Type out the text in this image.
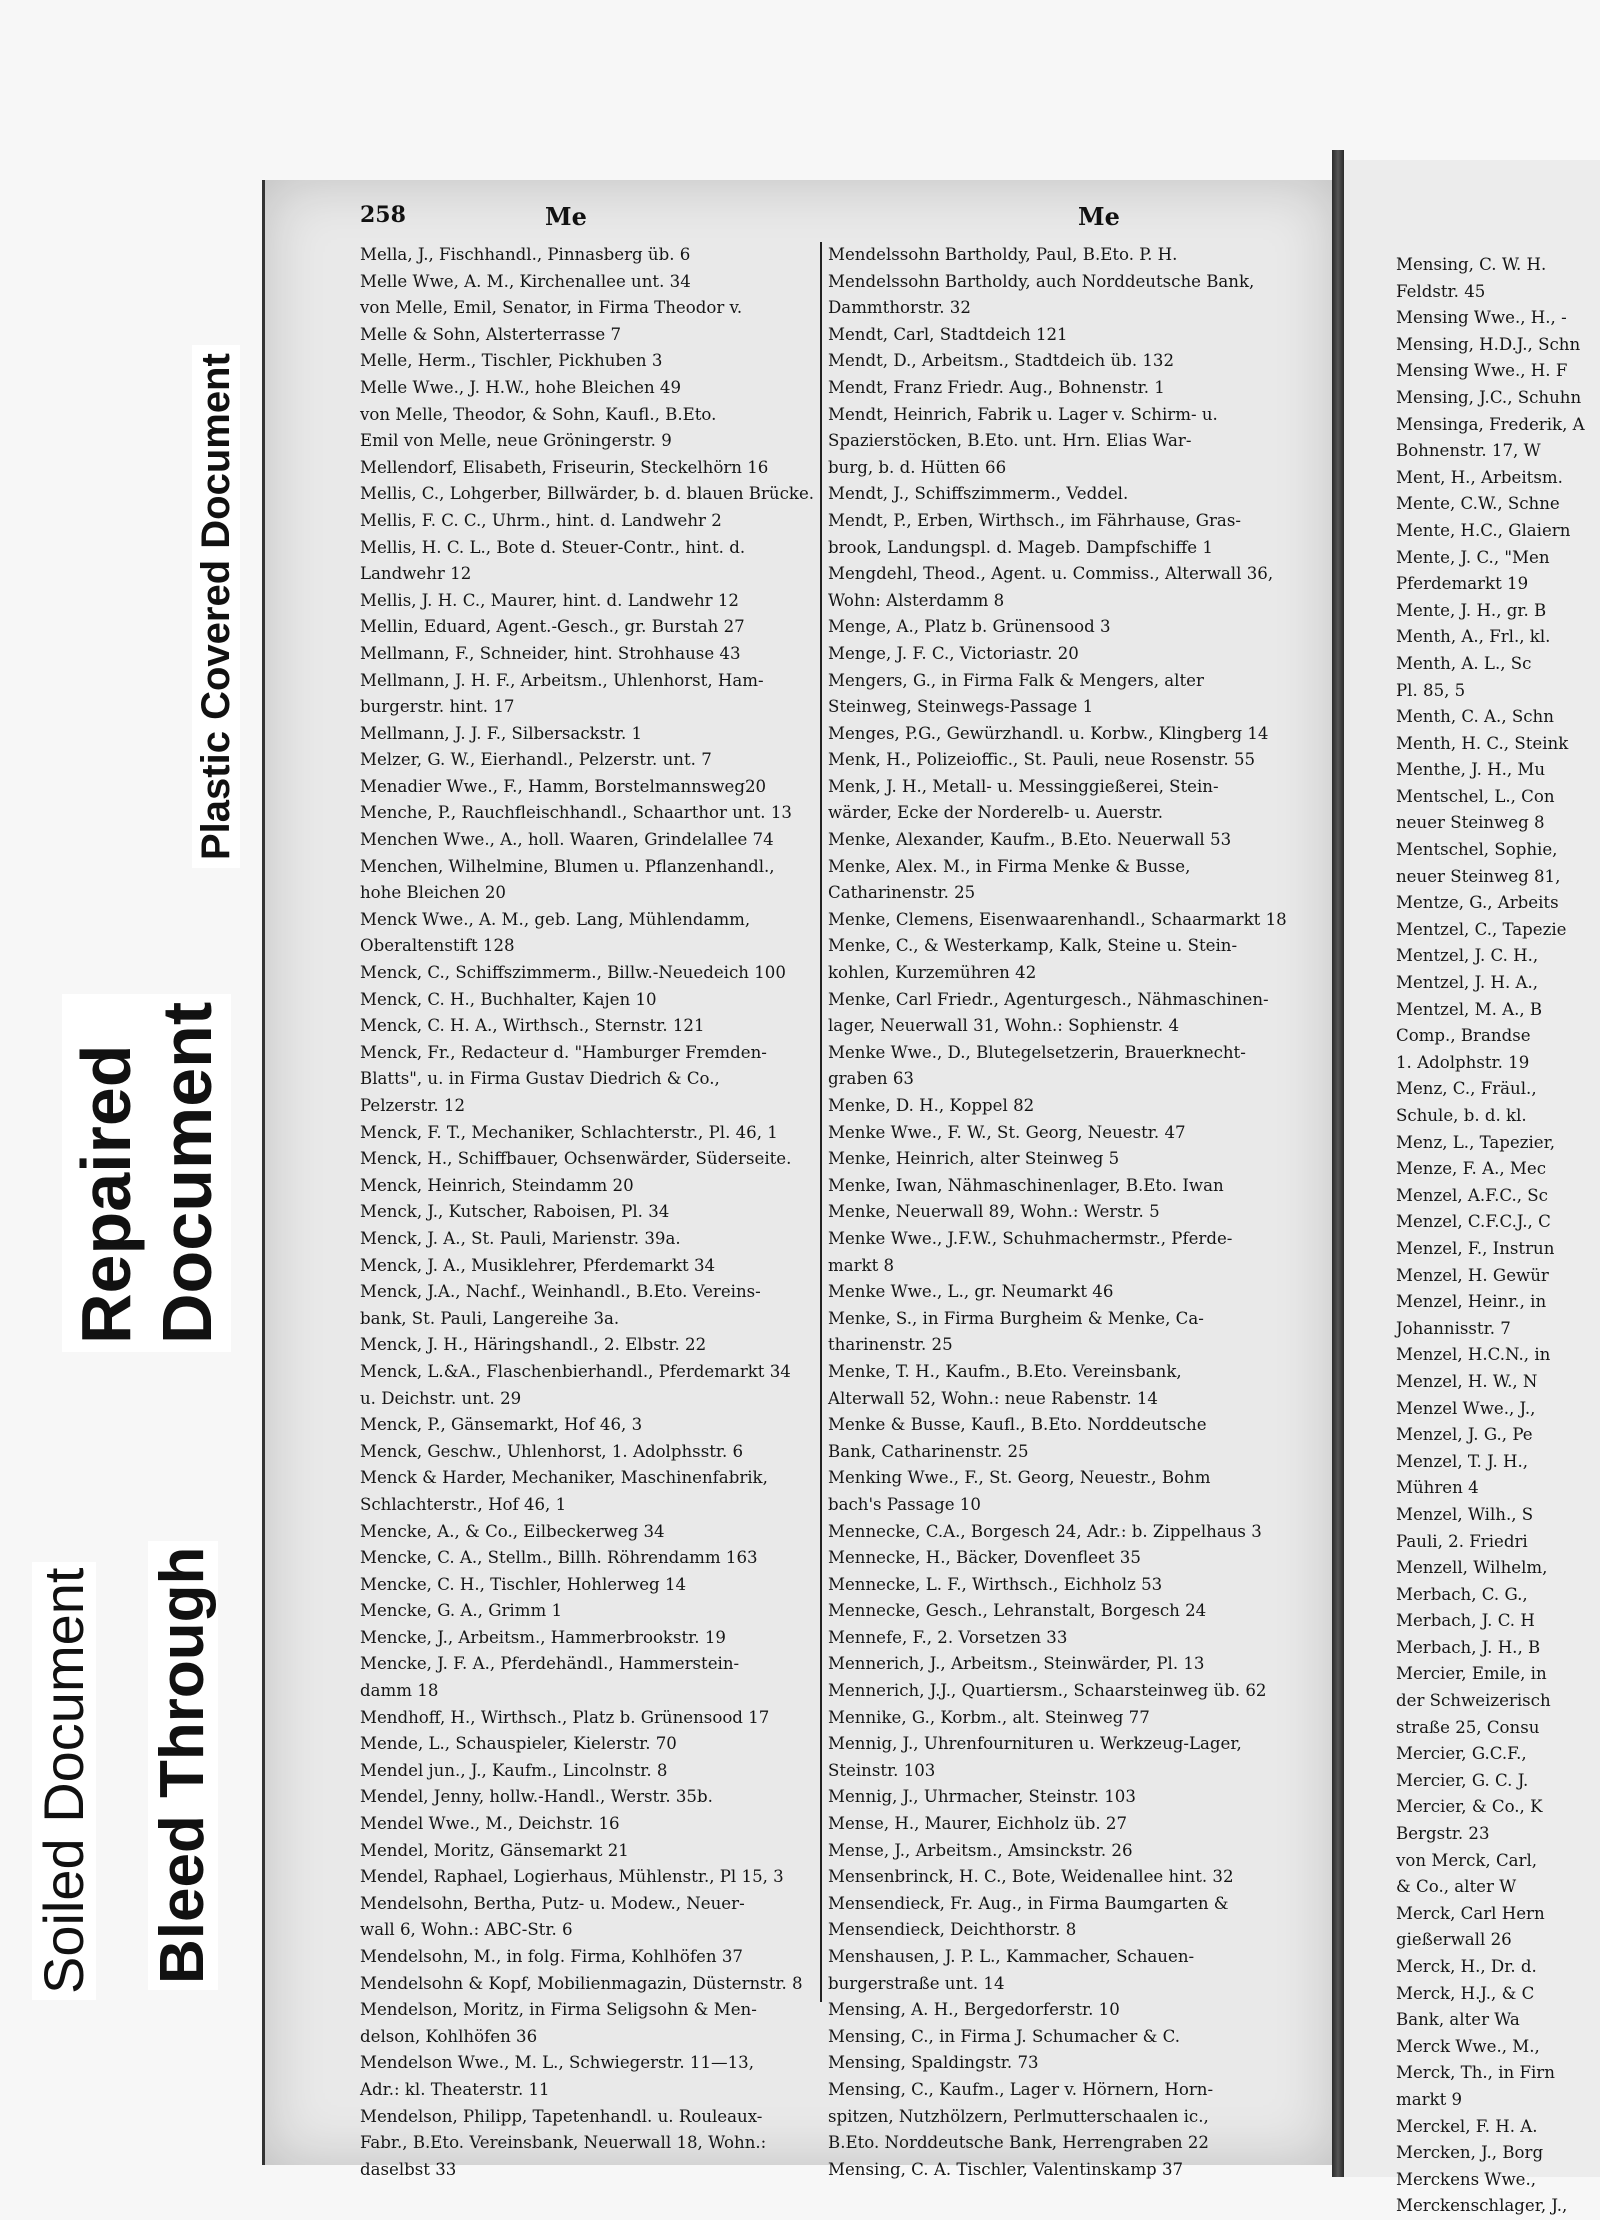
Plastic Covered Document
Repaired Document
Soiled Document Bleed Through
258	Me	Me
Mella, J., Fischhandl., Pinnasberg üb. 6
Melle Wwe, A. M., Kirchenallee unt. 34
von Melle, Emil, Senator, in Firma Theodor v.
Melle & Sohn, Alsterterrasse 7
Melle, Herm., Tischler, Pickhuben 3
Melle Wwe., J. H.W., hohe Bleichen 49
von Melle, Theodor, & Sohn, Kaufl., B.Eto.
Emil von Melle, neue Gröningerstr. 9
Mellendorf, Elisabeth, Friseurin, Steckelhörn 16
Mellis, C., Lohgerber, Billwärder, b. d. blauen Brücke.
Mellis, F. C. C., Uhrm., hint. d. Landwehr 2
Mellis, H. C. L., Bote d. Steuer-Contr., hint. d.
Landwehr 12
Mellis, J. H. C., Maurer, hint. d. Landwehr 12
Mellin, Eduard, Agent.-Gesch., gr. Burstah 27
Mellmann, F., Schneider, hint. Strohhause 43
Mellmann, J. H. F., Arbeitsm., Uhlenhorst, Ham-
burgerstr. hint. 17
Mellmann, J. J. F., Silbersackstr. 1
Melzer, G. W., Eierhandl., Pelzerstr. unt. 7
Menadier Wwe., F., Hamm, Borstelmannsweg20
Menche, P., Rauchfleischhandl., Schaarthor unt. 13
Menchen Wwe., A., holl. Waaren, Grindelallee 74
Menchen, Wilhelmine, Blumen u. Pflanzenhandl.,
hohe Bleichen 20
Menck Wwe., A. M., geb. Lang, Mühlendamm,
Oberaltenstift 128
Menck, C., Schiffszimmerm., Billw.-Neuedeich 100
Menck, C. H., Buchhalter, Kajen 10
Menck, C. H. A., Wirthsch., Sternstr. 121
Menck, Fr., Redacteur d. "Hamburger Fremden-
Blatts", u. in Firma Gustav Diedrich & Co.,
Pelzerstr. 12
Menck, F. T., Mechaniker, Schlachterstr., Pl. 46, 1
Menck, H., Schiffbauer, Ochsenwärder, Süderseite.
Menck, Heinrich, Steindamm 20
Menck, J., Kutscher, Raboisen, Pl. 34
Menck, J. A., St. Pauli, Marienstr. 39a.
Menck, J. A., Musiklehrer, Pferdemarkt 34
Menck, J.A., Nachf., Weinhandl., B.Eto. Vereins-
bank, St. Pauli, Langereihe 3a.
Menck, J. H., Häringshandl., 2. Elbstr. 22
Menck, L.&A., Flaschenbierhandl., Pferdemarkt 34
u. Deichstr. unt. 29
Menck, P., Gänsemarkt, Hof 46, 3
Menck, Geschw., Uhlenhorst, 1. Adolphsstr. 6
Menck & Harder, Mechaniker, Maschinenfabrik,
Schlachterstr., Hof 46, 1
Mencke, A., & Co., Eilbeckerweg 34
Mencke, C. A., Stellm., Billh. Röhrendamm 163
Mencke, C. H., Tischler, Hohlerweg 14
Mencke, G. A., Grimm 1
Mencke, J., Arbeitsm., Hammerbrookstr. 19
Mencke, J. F. A., Pferdehändl., Hammerstein-
damm 18
Mendhoff, H., Wirthsch., Platz b. Grünensood 17
Mende, L., Schauspieler, Kielerstr. 70
Mendel jun., J., Kaufm., Lincolnstr. 8
Mendel, Jenny, hollw.-Handl., Werstr. 35b.
Mendel Wwe., M., Deichstr. 16
Mendel, Moritz, Gänsemarkt 21
Mendel, Raphael, Logierhaus, Mühlenstr., Pl 15, 3
Mendelsohn, Bertha, Putz- u. Modew., Neuer-
wall 6, Wohn.: ABC-Str. 6
Mendelsohn, M., in folg. Firma, Kohlhöfen 37
Mendelsohn & Kopf, Mobilienmagazin, Düsternstr. 8
Mendelson, Moritz, in Firma Seligsohn & Men-
delson, Kohlhöfen 36
Mendelson Wwe., M. L., Schwiegerstr. 11—13,
Adr.: kl. Theaterstr. 11
Mendelson, Philipp, Tapetenhandl. u. Rouleaux-
Fabr., B.Eto. Vereinsbank, Neuerwall 18, Wohn.:
daselbst 33
Mendelssohn Bartholdy, Paul, B.Eto. P. H.
Mendelssohn Bartholdy, auch Norddeutsche Bank,
Dammthorstr. 32
Mendt, Carl, Stadtdeich 121
Mendt, D., Arbeitsm., Stadtdeich üb. 132
Mendt, Franz Friedr. Aug., Bohnenstr. 1
Mendt, Heinrich, Fabrik u. Lager v. Schirm- u.
Spazierstöcken, B.Eto. unt. Hrn. Elias War-
burg, b. d. Hütten 66
Mendt, J., Schiffszimmerm., Veddel.
Mendt, P., Erben, Wirthsch., im Fährhause, Gras-
brook, Landungspl. d. Mageb. Dampfschiffe 1
Mengdehl, Theod., Agent. u. Commiss., Alterwall 36,
Wohn: Alsterdamm 8
Menge, A., Platz b. Grünensood 3
Menge, J. F. C., Victoriastr. 20
Mengers, G., in Firma Falk & Mengers, alter
Steinweg, Steinwegs-Passage 1
Menges, P.G., Gewürzhandl. u. Korbw., Klingberg 14
Menk, H., Polizeioffic., St. Pauli, neue Rosenstr. 55
Menk, J. H., Metall- u. Messinggießerei, Stein-
wärder, Ecke der Norderelb- u. Auerstr.
Menke, Alexander, Kaufm., B.Eto. Neuerwall 53
Menke, Alex. M., in Firma Menke & Busse,
Catharinenstr. 25
Menke, Clemens, Eisenwaarenhandl., Schaarmarkt 18
Menke, C., & Westerkamp, Kalk, Steine u. Stein-
kohlen, Kurzemühren 42
Menke, Carl Friedr., Agenturgesch., Nähmaschinen-
lager, Neuerwall 31, Wohn.: Sophienstr. 4
Menke Wwe., D., Blutegelsetzerin, Brauerknecht-
graben 63
Menke, D. H., Koppel 82
Menke Wwe., F. W., St. Georg, Neuestr. 47
Menke, Heinrich, alter Steinweg 5
Menke, Iwan, Nähmaschinenlager, B.Eto. Iwan
Menke, Neuerwall 89, Wohn.: Werstr. 5
Menke Wwe., J.F.W., Schuhmachermstr., Pferde-
markt 8
Menke Wwe., L., gr. Neumarkt 46
Menke, S., in Firma Burgheim & Menke, Ca-
tharinenstr. 25
Menke, T. H., Kaufm., B.Eto. Vereinsbank,
Alterwall 52, Wohn.: neue Rabenstr. 14
Menke & Busse, Kaufl., B.Eto. Norddeutsche
Bank, Catharinenstr. 25
Menking Wwe., F., St. Georg, Neuestr., Bohm
bach's Passage 10
Mennecke, C.A., Borgesch 24, Adr.: b. Zippelhaus 3
Mennecke, H., Bäcker, Dovenfleet 35
Mennecke, L. F., Wirthsch., Eichholz 53
Mennecke, Gesch., Lehranstalt, Borgesch 24
Mennefe, F., 2. Vorsetzen 33
Mennerich, J., Arbeitsm., Steinwärder, Pl. 13
Mennerich, J.J., Quartiersm., Schaarsteinweg üb. 62
Mennike, G., Korbm., alt. Steinweg 77
Mennig, J., Uhrenfournituren u. Werkzeug-Lager,
Steinstr. 103
Mennig, J., Uhrmacher, Steinstr. 103
Mense, H., Maurer, Eichholz üb. 27
Mense, J., Arbeitsm., Amsinckstr. 26
Mensenbrinck, H. C., Bote, Weidenallee hint. 32
Mensendieck, Fr. Aug., in Firma Baumgarten &
Mensendieck, Deichthorstr. 8
Menshausen, J. P. L., Kammacher, Schauen-
burgerstraße unt. 14
Mensing, A. H., Bergedorferstr. 10
Mensing, C., in Firma J. Schumacher & C.
Mensing, Spaldingstr. 73
Mensing, C., Kaufm., Lager v. Hörnern, Horn-
spitzen, Nutzhölzern, Perlmutterschaalen ic.,
B.Eto. Norddeutsche Bank, Herrengraben 22
Mensing, C. A. Tischler, Valentinskamp 37
Mensing, C. W. H.
Feldstr. 45
Mensing Wwe., H., -
Mensing, H.D.J., Schn
Mensing Wwe., H. F
Mensing, J.C., Schuhn
Mensinga, Frederik, A
Bohnenstr. 17, W
Ment, H., Arbeitsm.
Mente, C.W., Schne
Mente, H.C., Glaiern
Mente, J. C., "Men
Pferdemarkt 19
Mente, J. H., gr. B
Menth, A., Frl., kl.
Menth, A. L., Sc
Pl. 85, 5
Menth, C. A., Schn
Menth, H. C., Steink
Menthe, J. H., Mu
Mentschel, L., Con
neuer Steinweg 8
Mentschel, Sophie,
neuer Steinweg 81,
Mentze, G., Arbeits
Mentzel, C., Tapezie
Mentzel, J. C. H.,
Mentzel, J. H. A.,
Mentzel, M. A., B
Comp., Brandse
1. Adolphstr. 19
Menz, C., Fräul.,
Schule, b. d. kl.
Menz, L., Tapezier,
Menze, F. A., Mec
Menzel, A.F.C., Sc
Menzel, C.F.C.J., C
Menzel, F., Instrun
Menzel, H. Gewür
Menzel, Heinr., in
Johannisstr. 7
Menzel, H.C.N., in
Menzel, H. W., N
Menzel Wwe., J.,
Menzel, J. G., Pe
Menzel, T. J. H.,
Mühren 4
Menzel, Wilh., S
Pauli, 2. Friedri
Menzell, Wilhelm,
Merbach, C. G.,
Merbach, J. C. H
Merbach, J. H., B
Mercier, Emile, in
der Schweizerisch
straße 25, Consu
Mercier, G.C.F.,
Mercier, G. C. J.
Mercier, & Co., K
Bergstr. 23
von Merck, Carl,
& Co., alter W
Merck, Carl Hern
gießerwall 26
Merck, H., Dr. d.
Merck, H.J., & C
Bank, alter Wa
Merck Wwe., M.,
Merck, Th., in Firn
markt 9
Merckel, F. H. A.
Mercken, J., Borg
Merckens Wwe.,
Merckenschlager, J.,
